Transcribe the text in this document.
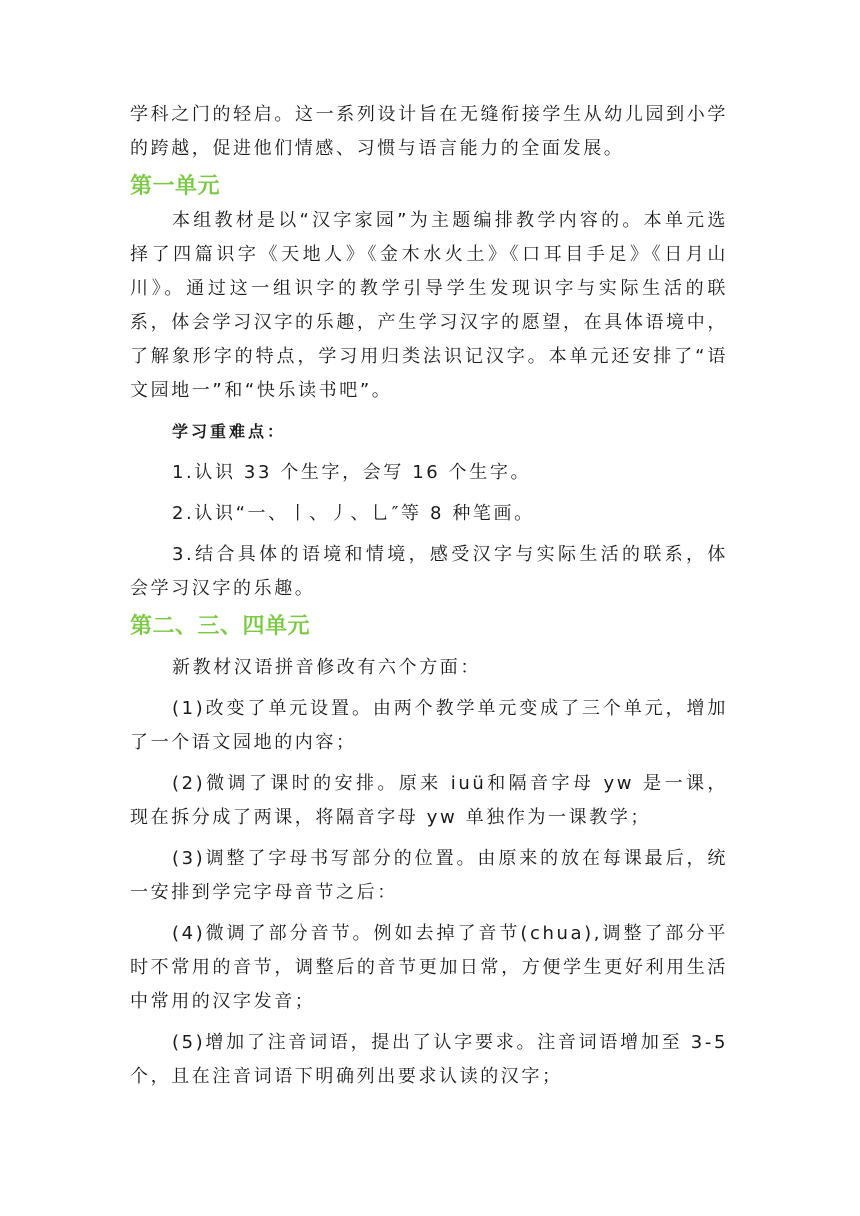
学科之门的轻启。这一系列设计旨在无缝衔接学生从幼儿园到小学的跨越，促进他们情感、习惯与语言能力的全面发展。

第一单元

本组教材是以“汉字家园”为主题编排教学内容的。本单元选择了四篇识字《天地人》《金木水火土》《口耳目手足》《日月山川》。通过这一组识字的教学引导学生发现识字与实际生活的联系，体会学习汉字的乐趣，产生学习汉字的愿望，在具体语境中，了解象形字的特点，学习用归类法识记汉字。本单元还安排了“语文园地一”和“快乐读书吧”。

学习重难点：

1.认识 33 个生字，会写 16 个生字。

2.认识“一、丨、丿、乚″等 8 种笔画。

3.结合具体的语境和情境，感受汉字与实际生活的联系，体会学习汉字的乐趣。

第二、三、四单元

新教材汉语拼音修改有六个方面：

(1)改变了单元设置。由两个教学单元变成了三个单元，增加了一个语文园地的内容；

(2)微调了课时的安排。原来 iuü和隔音字母 yw 是一课，现在拆分成了两课，将隔音字母 yw 单独作为一课教学；

(3)调整了字母书写部分的位置。由原来的放在每课最后，统一安排到学完字母音节之后：

(4)微调了部分音节。例如去掉了音节(chua),调整了部分平时不常用的音节，调整后的音节更加日常，方便学生更好利用生活中常用的汉字发音；

(5)增加了注音词语，提出了认字要求。注音词语增加至 3-5个，且在注音词语下明确列出要求认读的汉字；
